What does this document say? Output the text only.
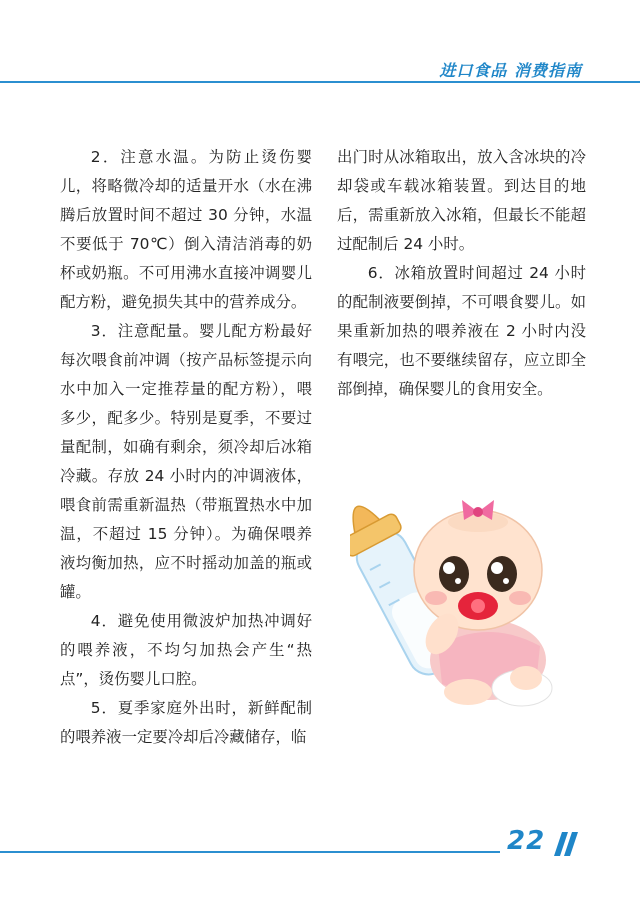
进口食品 消费指南

2．注意水温。为防止烫伤婴儿，将略微冷却的适量开水（水在沸腾后放置时间不超过 30 分钟，水温不要低于 70℃）倒入清洁消毒的奶杯或奶瓶。不可用沸水直接冲调婴儿配方粉，避免损失其中的营养成分。

3．注意配量。婴儿配方粉最好每次喂食前冲调（按产品标签提示向水中加入一定推荐量的配方粉），喂多少，配多少。特别是夏季，不要过量配制，如确有剩余，须冷却后冰箱冷藏。存放 24 小时内的冲调液体，喂食前需重新温热（带瓶置热水中加温，不超过 15 分钟）。为确保喂养液均衡加热，应不时摇动加盖的瓶或罐。

4．避免使用微波炉加热冲调好的喂养液，不均匀加热会产生“热点”，烫伤婴儿口腔。

5．夏季家庭外出时，新鲜配制的喂养液一定要冷却后冷藏储存，临

出门时从冰箱取出，放入含冰块的冷却袋或车载冰箱装置。到达目的地后，需重新放入冰箱，但最长不能超过配制后 24 小时。

6．冰箱放置时间超过 24 小时的配制液要倒掉，不可喂食婴儿。如果重新加热的喂养液在 2 小时内没有喂完，也不要继续留存，应立即全部倒掉，确保婴儿的食用安全。

22
